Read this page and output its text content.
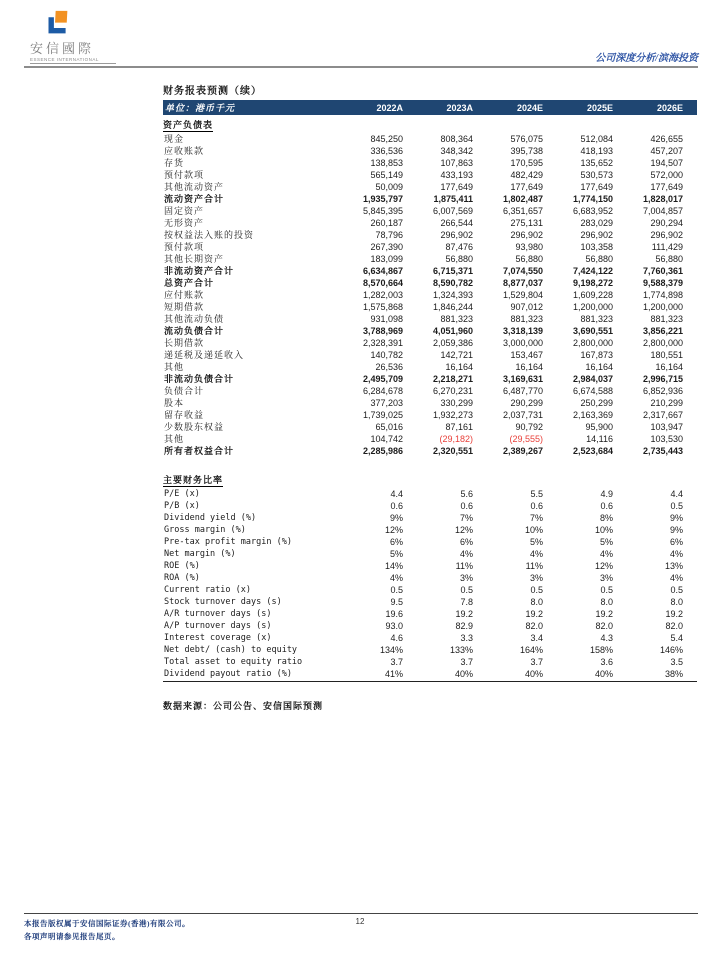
安信國際
ESSENCE INTERNATIONAL	公司深度分析/滨海投资
财务报表预测（续）
单位：港币千元	2022A	2023A	2024E	2025E	2026E
资产负债表
现金	845,250	808,364	576,075	512,084	426,655
应收账款	336,536	348,342	395,738	418,193	457,207
存货	138,853	107,863	170,595	135,652	194,507
预付款项	565,149	433,193	482,429	530,573	572,000
其他流动资产	50,009	177,649	177,649	177,649	177,649
流动资产合计	1,935,797	1,875,411	1,802,487	1,774,150	1,828,017
固定资产	5,845,395	6,007,569	6,351,657	6,683,952	7,004,857
无形资产	260,187	266,544	275,131	283,029	290,294
按权益法入账的投资	78,796	296,902	296,902	296,902	296,902
预付款项	267,390	87,476	93,980	103,358	111,429
其他长期资产	183,099	56,880	56,880	56,880	56,880
非流动资产合计	6,634,867	6,715,371	7,074,550	7,424,122	7,760,361
总资产合计	8,570,664	8,590,782	8,877,037	9,198,272	9,588,379
应付账款	1,282,003	1,324,393	1,529,804	1,609,228	1,774,898
短期借款	1,575,868	1,846,244	907,012	1,200,000	1,200,000
其他流动负债	931,098	881,323	881,323	881,323	881,323
流动负债合计	3,788,969	4,051,960	3,318,139	3,690,551	3,856,221
长期借款	2,328,391	2,059,386	3,000,000	2,800,000	2,800,000
递延税及递延收入	140,782	142,721	153,467	167,873	180,551
其他	26,536	16,164	16,164	16,164	16,164
非流动负债合计	2,495,709	2,218,271	3,169,631	2,984,037	2,996,715
负债合计	6,284,678	6,270,231	6,487,770	6,674,588	6,852,936
股本	377,203	330,299	290,299	250,299	210,299
留存收益	1,739,025	1,932,273	2,037,731	2,163,369	2,317,667
少数股东权益	65,016	87,161	90,792	95,900	103,947
其他	104,742	(29,182)	(29,555)	14,116	103,530
所有者权益合计	2,285,986	2,320,551	2,389,267	2,523,684	2,735,443
主要财务比率
P/E (x)	4.4	5.6	5.5	4.9	4.4
P/B (x)	0.6	0.6	0.6	0.6	0.5
Dividend yield (%)	9%	7%	7%	8%	9%
Gross margin (%)	12%	12%	10%	10%	9%
Pre-tax profit margin (%)	6%	6%	5%	5%	6%
Net margin (%)	5%	4%	4%	4%	4%
ROE (%)	14%	11%	11%	12%	13%
ROA (%)	4%	3%	3%	3%	4%
Current ratio (x)	0.5	0.5	0.5	0.5	0.5
Stock turnover days (s)	9.5	7.8	8.0	8.0	8.0
A/R turnover days (s)	19.6	19.2	19.2	19.2	19.2
A/P turnover days (s)	93.0	82.9	82.0	82.0	82.0
Interest coverage (x)	4.6	3.3	3.4	4.3	5.4
Net debt/ (cash) to equity	134%	133%	164%	158%	146%
Total asset to equity ratio	3.7	3.7	3.7	3.6	3.5
Dividend payout ratio (%)	41%	40%	40%	40%	38%
数据来源：公司公告、安信国际预测
本报告版权属于安信国际证券(香港)有限公司。
各项声明请参见报告尾页。
12
